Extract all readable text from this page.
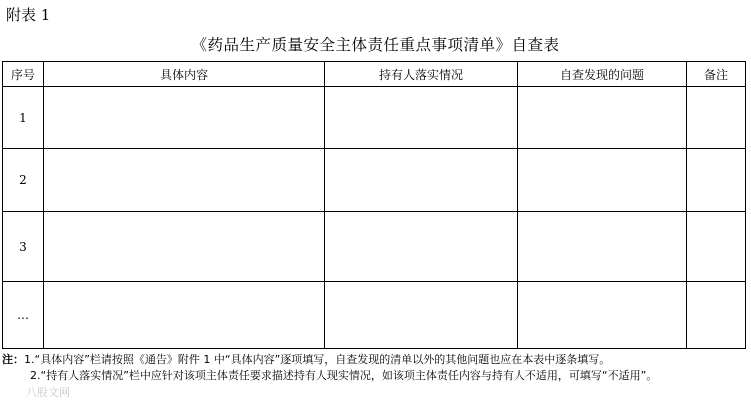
附表 1
《药品生产质量安全主体责任重点事项清单》自查表
序号	具体内容	持有人落实情况	自查发现的问题	备注
1				
2				
3				
…				
注：1.“具体内容”栏请按照《通告》附件 1 中“具体内容”逐项填写，自查发现的清单以外的其他问题也应在本表中逐条填写。
2.“持有人落实情况”栏中应针对该项主体责任要求描述持有人现实情况，如该项主体责任内容与持有人不适用，可填写“不适用”。
八股文网
